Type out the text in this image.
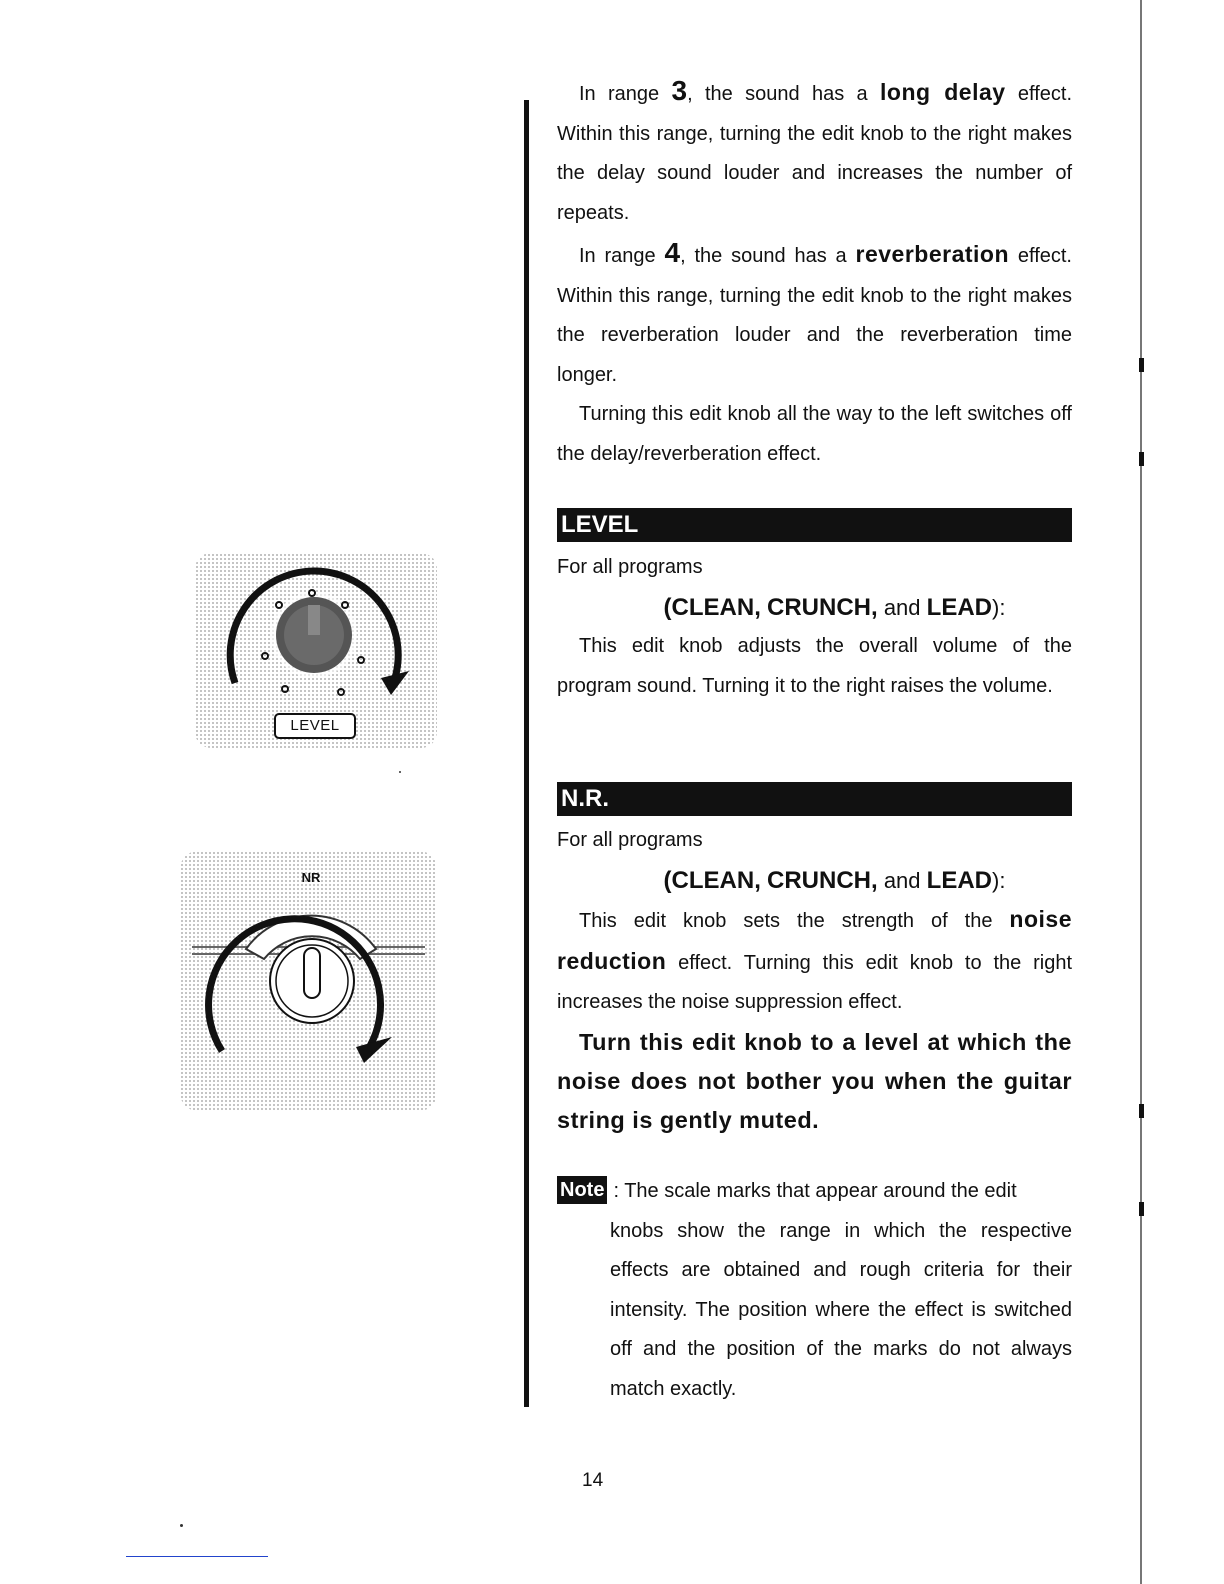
LEVEL
NR

In range 3, the sound has a long delay effect. Within this range, turning the edit knob to the right makes the delay sound louder and increases the number of repeats.

In range 4, the sound has a reverberation effect. Within this range, turning the edit knob to the right makes the reverberation louder and the reverberation time longer.

Turning this edit knob all the way to the left switches off the delay/reverberation effect.

LEVEL

For all programs

(CLEAN, CRUNCH, and LEAD):

This edit knob adjusts the overall volume of the program sound. Turning it to the right raises the volume.

N.R.

For all programs

(CLEAN, CRUNCH, and LEAD):

This edit knob sets the strength of the noise reduction effect. Turning this edit knob to the right increases the noise suppression effect.

Turn this edit knob to a level at which the noise does not bother you when the guitar string is gently muted.

Note : The scale marks that appear around the edit

knobs show the range in which the respective effects are obtained and rough criteria for their intensity. The position where the effect is switched off and the position of the marks do not always match exactly.

14
